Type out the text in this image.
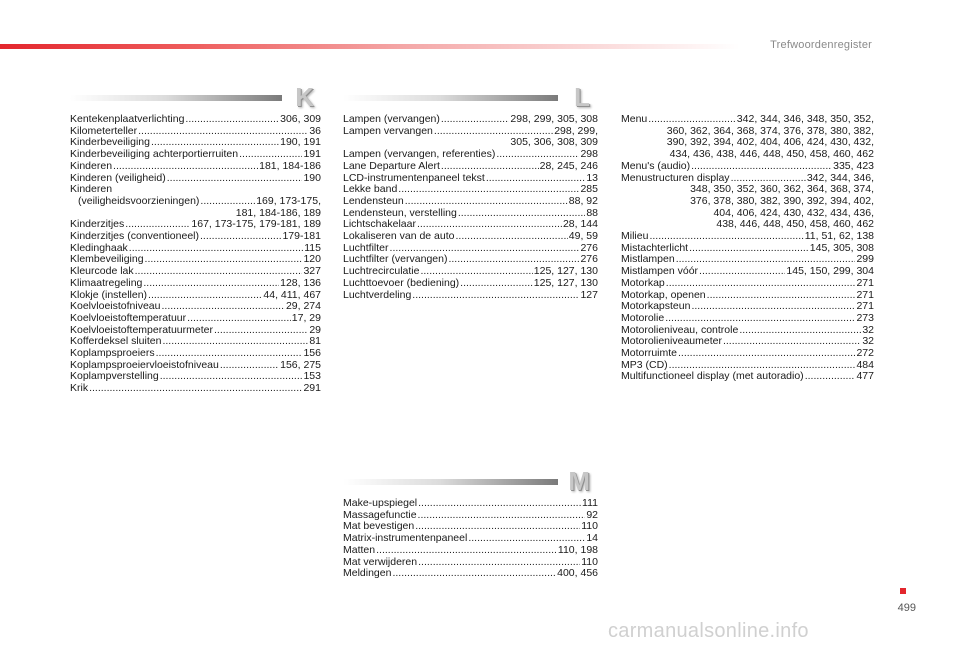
Trefwoordenregister
K	L
M
Kentekenplaatverlichting .....	306, 309
Kilometerteller .....	36
Kinderbeveiliging .....	190, 191
Kinderbeveiliging achterportierruiten .....	191
Kinderen .....	181, 184-186
Kinderen (veiligheid) .....	190
Kinderen
(veiligheidsvoorzieningen) .....	169, 173-175,
181, 184-186, 189
Kinderzitjes .....	167, 173-175, 179-181, 189
Kinderzitjes (conventioneel) .....	179-181
Kledinghaak .....	115
Klembeveiliging .....	120
Kleurcode lak .....	327
Klimaatregeling .....	128, 136
Klokje (instellen) .....	44, 411, 467
Koelvloeistofniveau .....	29, 274
Koelvloeistoftemperatuur .....	17, 29
Koelvloeistoftemperatuurmeter .....	29
Kofferdeksel sluiten .....	81
Koplampsproeiers .....	156
Koplampsproeiervloeistofniveau .....	156, 275
Koplampverstelling .....	153
Krik .....	291
Lampen (vervangen) .....	298, 299, 305, 308
Lampen vervangen .....	298, 299,
305, 306, 308, 309
Lampen (vervangen, referenties) .....	298
Lane Departure Alert .....	28, 245, 246
LCD-instrumentenpaneel tekst .....	13
Lekke band .....	285
Lendensteun .....	88, 92
Lendensteun, verstelling .....	88
Lichtschakelaar .....	28, 144
Lokaliseren van de auto .....	49, 59
Luchtfilter .....	276
Luchtfilter (vervangen) .....	276
Luchtrecirculatie .....	125, 127, 130
Luchttoevoer (bediening) .....	125, 127, 130
Luchtverdeling .....	127
Make-upspiegel .....	111
Massagefunctie .....	92
Mat bevestigen .....	110
Matrix-instrumentenpaneel .....	14
Matten .....	110, 198
Mat verwijderen .....	110
Meldingen .....	400, 456
Menu .....	342, 344, 346, 348, 350, 352,
360, 362, 364, 368, 374, 376, 378, 380, 382,
390, 392, 394, 402, 404, 406, 424, 430, 432,
434, 436, 438, 446, 448, 450, 458, 460, 462
Menu's (audio) .....	335, 423
Menustructuren display .....	342, 344, 346,
348, 350, 352, 360, 362, 364, 368, 374,
376, 378, 380, 382, 390, 392, 394, 402,
404, 406, 424, 430, 432, 434, 436,
438, 446, 448, 450, 458, 460, 462
Milieu .....	11, 51, 62, 138
Mistachterlicht .....	145, 305, 308
Mistlampen .....	299
Mistlampen vóór .....	145, 150, 299, 304
Motorkap .....	271
Motorkap, openen .....	271
Motorkapsteun .....	271
Motorolie .....	273
Motorolieniveau, controle .....	32
Motorolieniveaumeter .....	32
Motorruimte .....	272
MP3 (CD) .....	484
Multifunctioneel display (met autoradio) .....	477
499
carmanualsonline.info
